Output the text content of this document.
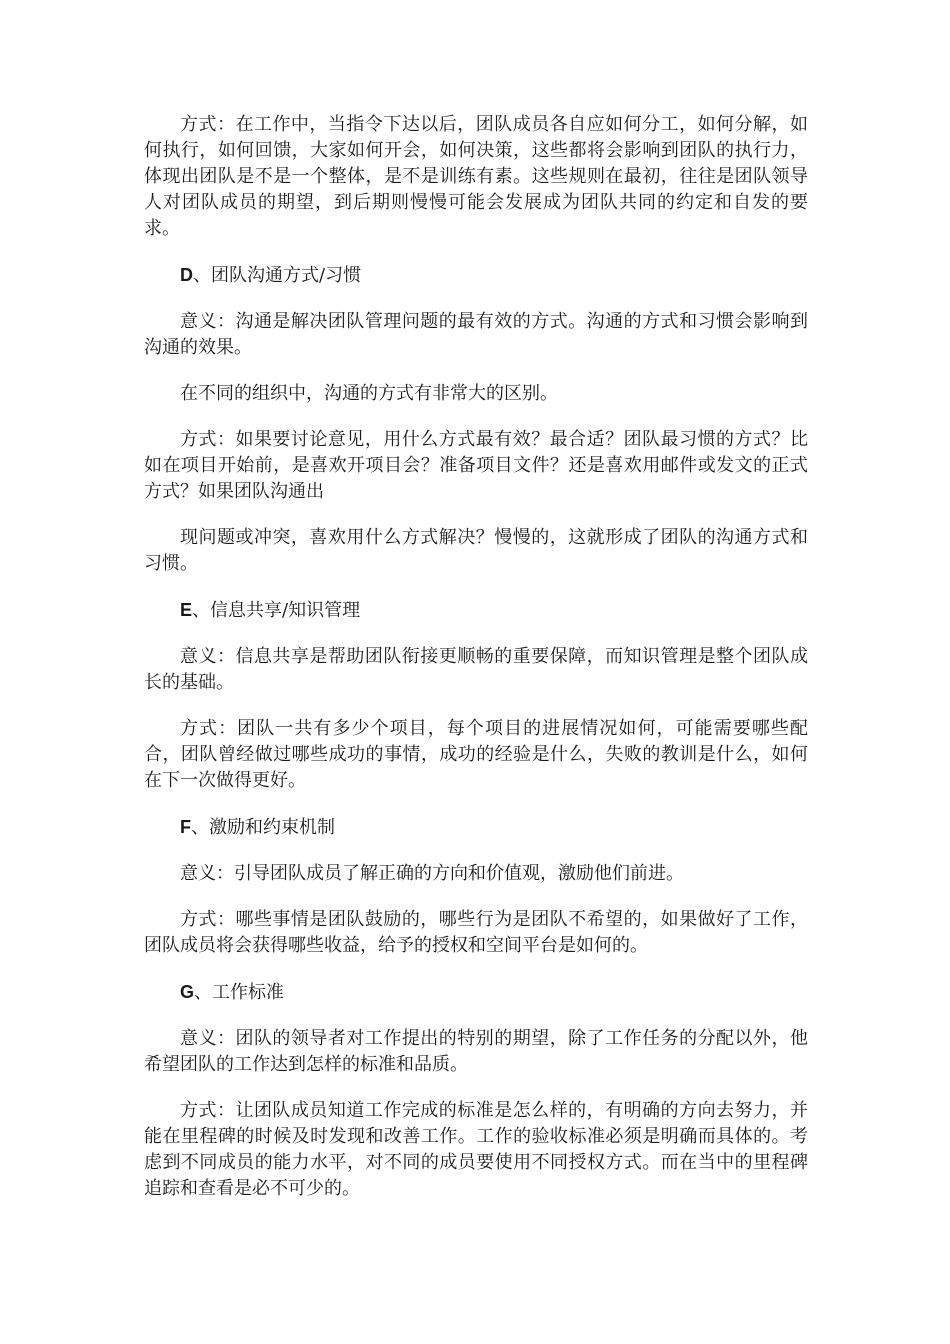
方式：在工作中，当指令下达以后，团队成员各自应如何分工，如何分解，如何执行，如何回馈，大家如何开会，如何决策，这些都将会影响到团队的执行力，体现出团队是不是一个整体，是不是训练有素。这些规则在最初，往往是团队领导人对团队成员的期望，到后期则慢慢可能会发展成为团队共同的约定和自发的要求。

D、团队沟通方式/习惯

意义：沟通是解决团队管理问题的最有效的方式。沟通的方式和习惯会影响到沟通的效果。

在不同的组织中，沟通的方式有非常大的区别。

方式：如果要讨论意见，用什么方式最有效？最合适？团队最习惯的方式？比如在项目开始前，是喜欢开项目会？准备项目文件？还是喜欢用邮件或发文的正式方式？如果团队沟通出

现问题或冲突，喜欢用什么方式解决？慢慢的，这就形成了团队的沟通方式和习惯。

E、信息共享/知识管理

意义：信息共享是帮助团队衔接更顺畅的重要保障，而知识管理是整个团队成长的基础。

方式：团队一共有多少个项目，每个项目的进展情况如何，可能需要哪些配合，团队曾经做过哪些成功的事情，成功的经验是什么，失败的教训是什么，如何在下一次做得更好。

F、激励和约束机制

意义：引导团队成员了解正确的方向和价值观，激励他们前进。

方式：哪些事情是团队鼓励的，哪些行为是团队不希望的，如果做好了工作，团队成员将会获得哪些收益，给予的授权和空间平台是如何的。

G、工作标准

意义：团队的领导者对工作提出的特别的期望，除了工作任务的分配以外，他希望团队的工作达到怎样的标准和品质。

方式：让团队成员知道工作完成的标准是怎么样的，有明确的方向去努力，并能在里程碑的时候及时发现和改善工作。工作的验收标准必须是明确而具体的。考虑到不同成员的能力水平，对不同的成员要使用不同授权方式。而在当中的里程碑追踪和查看是必不可少的。
